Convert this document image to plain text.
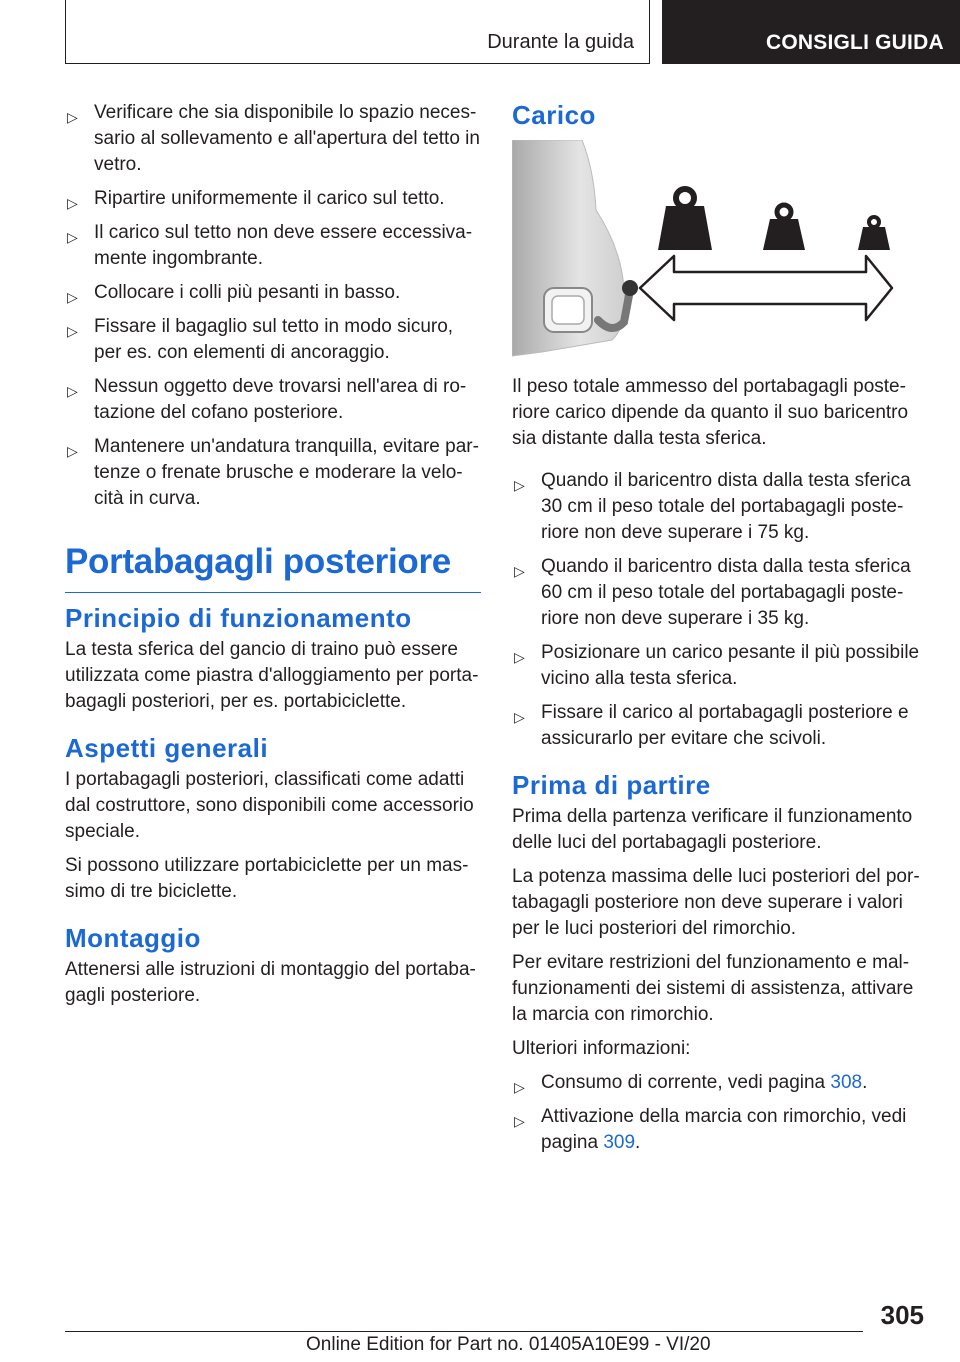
Durante la guida	CONSIGLI GUIDA
▷ Verificare che sia disponibile lo spazio neces-sario al sollevamento e all'apertura del tetto in vetro.
▷ Ripartire uniformemente il carico sul tetto.
▷ Il carico sul tetto non deve essere eccessiva-mente ingombrante.
▷ Collocare i colli più pesanti in basso.
▷ Fissare il bagaglio sul tetto in modo sicuro, per es. con elementi di ancoraggio.
▷ Nessun oggetto deve trovarsi nell'area di ro-tazione del cofano posteriore.
▷ Mantenere un'andatura tranquilla, evitare par-tenze o frenate brusche e moderare la velo-cità in curva.
Portabagagli posteriore
Principio di funzionamento

La testa sferica del gancio di traino può essere utilizzata come piastra d'alloggiamento per porta-bagagli posteriori, per es. portabiciclette.

Aspetti generali

I portabagagli posteriori, classificati come adatti dal costruttore, sono disponibili come accessorio speciale.

Si possono utilizzare portabiciclette per un mas-simo di tre biciclette.

Montaggio

Attenersi alle istruzioni di montaggio del portaba-gagli posteriore.

Carico

Il peso totale ammesso del portabagagli poste-riore carico dipende da quanto il suo baricentro sia distante dalla testa sferica.

▷ Quando il baricentro dista dalla testa sferica 30 cm il peso totale del portabagagli poste-riore non deve superare i 75 kg.
▷ Quando il baricentro dista dalla testa sferica 60 cm il peso totale del portabagagli poste-riore non deve superare i 35 kg.
▷ Posizionare un carico pesante il più possibile vicino alla testa sferica.
▷ Fissare il carico al portabagagli posteriore e assicurarlo per evitare che scivoli.
Prima di partire

Prima della partenza verificare il funzionamento delle luci del portabagagli posteriore.

La potenza massima delle luci posteriori del por-tabagagli posteriore non deve superare i valori per le luci posteriori del rimorchio.

Per evitare restrizioni del funzionamento e mal-funzionamenti dei sistemi di assistenza, attivare la marcia con rimorchio.

Ulteriori informazioni:

▷ Consumo di corrente, vedi pagina 308.
▷ Attivazione della marcia con rimorchio, vedi pagina 309.
305
Online Edition for Part no. 01405A10E99 - VI/20
